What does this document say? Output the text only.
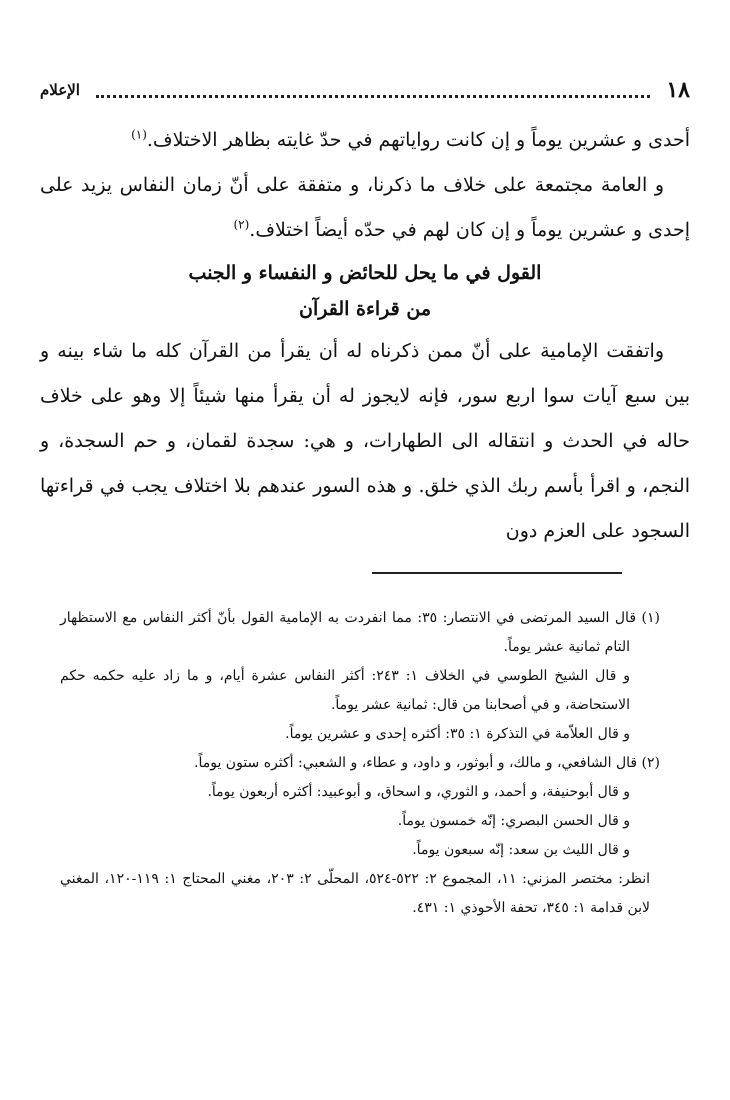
١٨
الإعلام

أحدى و عشرين يوماً و إن كانت رواياتهم في حدّ غايته بظاهر الاختلاف.$^{(١)}$

و العامة مجتمعة على خلاف ما ذكرنا، و متفقة على أنّ زمان النفاس يزيد على إحدى و عشرين يوماً و إن كان لهم في حدّه أيضاً اختلاف.$^{(٢)}$

القول في ما يحل للحائض و النفساء و الجنب
من قراءة القرآن

واتفقت الإمامية على أنّ ممن ذكرناه له أن يقرأ من القرآن كله ما شاء بينه و بين سبع آيات سوا اربع سور، فإنه لايجوز له أن يقرأ منها شيئاً إلا وهو على خلاف حاله في الحدث و انتقاله الى الطهارات، و هي: سجدة لقمان، و حم السجدة، و النجم، و اقرأ بأسم ربك الذي خلق. و هذه السور عندهم بلا اختلاف يجب في قراءتها السجود على العزم دون

(١) قال السيد المرتضى في الانتصار: ٣٥: مما انفردت به الإمامية القول بأنّ أكثر النفاس مع الاستظهار التام ثمانية عشر يوماً.

و قال الشيخ الطوسي في الخلاف ١: ٢٤٣: أكثر النفاس عشرة أيام، و ما زاد عليه حكمه حكم الاستحاضة، و في أصحابنا من قال: ثمانية عشر يوماً.

و قال العلاّمة في التذكرة ١: ٣٥: أكثره إحدى و عشرين يوماً.

(٢) قال الشافعي، و مالك، و أبوثور، و داود، و عطاء، و الشعبي: أكثره ستون يوماً.

و قال أبوحنيفة، و أحمد، و الثوري، و اسحاق، و أبوعبيد: أكثره أربعون يوماً.

و قال الحسن البصري: إنّه خمسون يوماً.

و قال الليث بن سعد: إنّه سبعون يوماً.

انظر: مختصر المزني: ١١، المجموع ٢: ٥٢٢-٥٢٤، المحلّى ٢: ٢٠٣، مغني المحتاج ١: ١١٩-١٢٠، المغني لابن قدامة ١: ٣٤٥، تحفة الأحوذي ١: ٤٣١.
